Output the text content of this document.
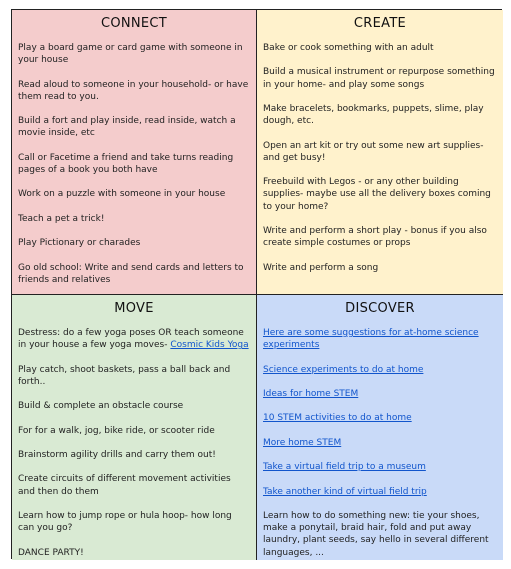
CONNECT
Play a board game or card game with someone in your house
Read aloud to someone in your household- or have them read to you.
Build a fort and play inside, read inside, watch a movie inside, etc
Call or Facetime a friend and take turns reading pages of a book you both have
Work on a puzzle with someone in your house
Teach a pet a trick!
Play Pictionary or charades
Go old school: Write and send cards and letters to friends and relatives
CREATE
Bake or cook something with an adult
Build a musical instrument or repurpose something in your home- and play some songs
Make bracelets, bookmarks, puppets, slime, play dough, etc.
Open an art kit or try out some new art supplies- and get busy!
Freebuild with Legos - or any other building supplies- maybe use all the delivery boxes coming to your home?
Write and perform a short play - bonus if you also create simple costumes or props
Write and perform a song
MOVE
Destress: do a few yoga poses OR teach someone in your house a few yoga moves- Cosmic Kids Yoga
Play catch, shoot baskets, pass a ball back and forth..
Build & complete an obstacle course
For for a walk, jog, bike ride, or scooter ride
Brainstorm agility drills and carry them out!
Create circuits of different movement activities and then do them
Learn how to jump rope or hula hoop- how long can you go?
DANCE PARTY!
DISCOVER
Here are some suggestions for at-home science experiments
Science experiments to do at home
Ideas for home STEM
10 STEM activities to do at home
More home STEM
Take a virtual field trip to a museum
Take another kind of virtual field trip
Learn how to do something new: tie your shoes, make a ponytail, braid hair, fold and put away laundry, plant seeds, say hello in several different languages, ...
